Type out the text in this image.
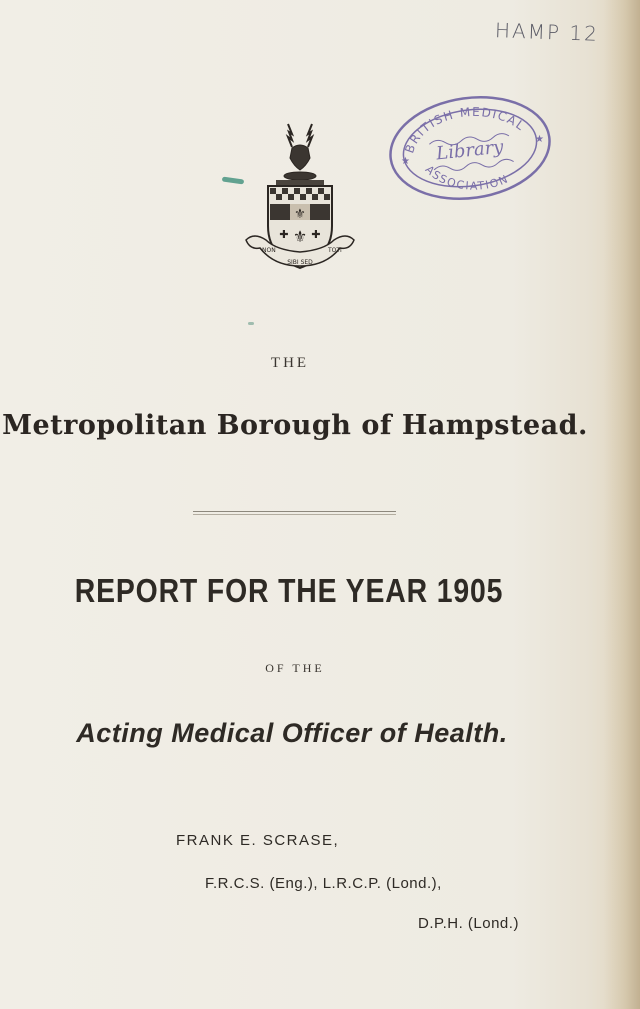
HAMP 12
BRITISH MEDICAL
Library
ASSOCIATION
★
★
⚜
⚜
✚ ✚
NON
SIBI SED
TOTI
THE
Metropolitan Borough of Hampstead.
REPORT FOR THE YEAR 1905
OF THE
Acting Medical Officer of Health.
FRANK E. SCRASE,
F.R.C.S. (Eng.), L.R.C.P. (Lond.),
D.P.H. (Lond.)
